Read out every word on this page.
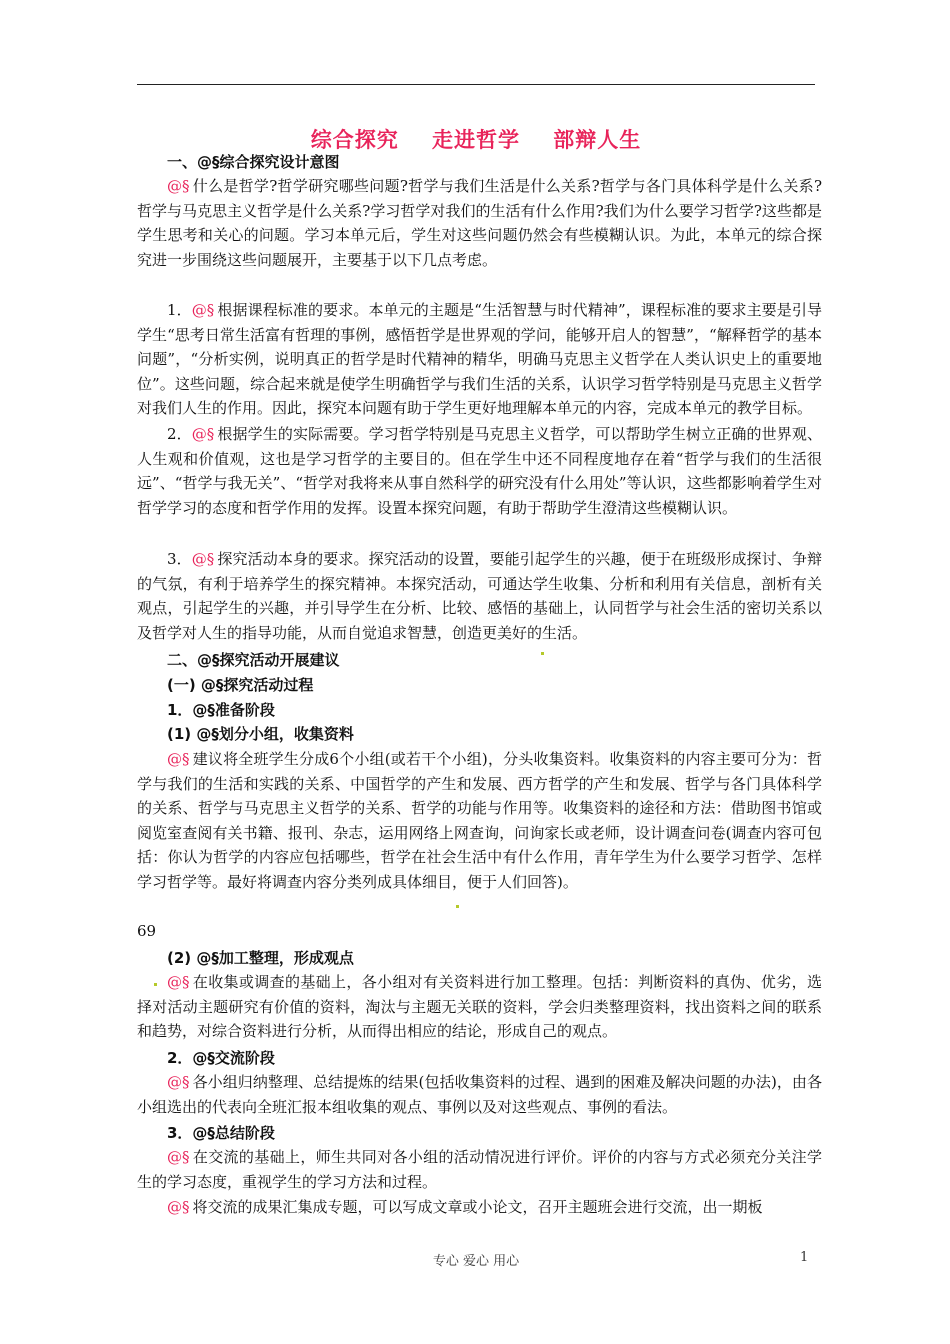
综合探究    走进哲学    部辩人生
一、@§综合探究设计意图
@§ 什么是哲学?哲学研究哪些问题?哲学与我们生活是什么关系?哲学与各门具体科学是什么关系?哲学与马克思主义哲学是什么关系?学习哲学对我们的生活有什么作用?我们为什么要学习哲学?这些都是学生思考和关心的问题。学习本单元后，学生对这些问题仍然会有些模糊认识。为此，本单元的综合探究进一步围绕这些问题展开，主要基于以下几点考虑。
1．@§ 根据课程标准的要求。本单元的主题是“生活智慧与时代精神”，课程标准的要求主要是引导学生“思考日常生活富有哲理的事例，感悟哲学是世界观的学问，能够开启人的智慧”，“解释哲学的基本问题”，“分析实例，说明真正的哲学是时代精神的精华，明确马克思主义哲学在人类认识史上的重要地位”。这些问题，综合起来就是使学生明确哲学与我们生活的关系，认识学习哲学特别是马克思主义哲学对我们人生的作用。因此，探究本问题有助于学生更好地理解本单元的内容，完成本单元的教学目标。
2．@§ 根据学生的实际需要。学习哲学特别是马克思主义哲学，可以帮助学生树立正确的世界观、人生观和价值观，这也是学习哲学的主要目的。但在学生中还不同程度地存在着“哲学与我们的生活很远”、“哲学与我无关”、“哲学对我将来从事自然科学的研究没有什么用处”等认识，这些都影响着学生对哲学学习的态度和哲学作用的发挥。设置本探究问题，有助于帮助学生澄清这些模糊认识。
3．@§ 探究活动本身的要求。探究活动的设置，要能引起学生的兴趣，便于在班级形成探讨、争辩的气氛，有利于培养学生的探究精神。本探究活动，可通达学生收集、分析和利用有关信息，剖析有关观点，引起学生的兴趣，并引导学生在分析、比较、感悟的基础上，认同哲学与社会生活的密切关系以及哲学对人生的指导功能，从而自觉追求智慧，创造更美好的生活。
二、@§探究活动开展建议
(一) @§探究活动过程
1．@§准备阶段
(1) @§划分小组，收集资料
@§ 建议将全班学生分成6个小组(或若干个小组)，分头收集资料。收集资料的内容主要可分为：哲学与我们的生活和实践的关系、中国哲学的产生和发展、西方哲学的产生和发展、哲学与各门具体科学的关系、哲学与马克思主义哲学的关系、哲学的功能与作用等。收集资料的途径和方法：借助图书馆或阅览室查阅有关书籍、报刊、杂志，运用网络上网查询，问询家长或老师，设计调查问卷(调查内容可包括：你认为哲学的内容应包括哪些，哲学在社会生活中有什么作用，青年学生为什么要学习哲学、怎样学习哲学等。最好将调查内容分类列成具体细目，便于人们回答)。
69
(2) @§加工整理，形成观点
@§ 在收集或调查的基础上，各小组对有关资料进行加工整理。包括：判断资料的真伪、优劣，选择对活动主题研究有价值的资料，淘汰与主题无关联的资料，学会归类整理资料，找出资料之间的联系和趋势，对综合资料进行分析，从而得出相应的结论，形成自己的观点。
2．@§交流阶段
@§ 各小组归纳整理、总结提炼的结果(包括收集资料的过程、遇到的困难及解决问题的办法)，由各小组选出的代表向全班汇报本组收集的观点、事例以及对这些观点、事例的看法。
3．@§总结阶段
@§ 在交流的基础上，师生共同对各小组的活动情况进行评价。评价的内容与方式必须充分关注学生的学习态度，重视学生的学习方法和过程。
@§ 将交流的成果汇集成专题，可以写成文章或小论文，召开主题班会进行交流，出一期板
专心 爱心 用心	1
